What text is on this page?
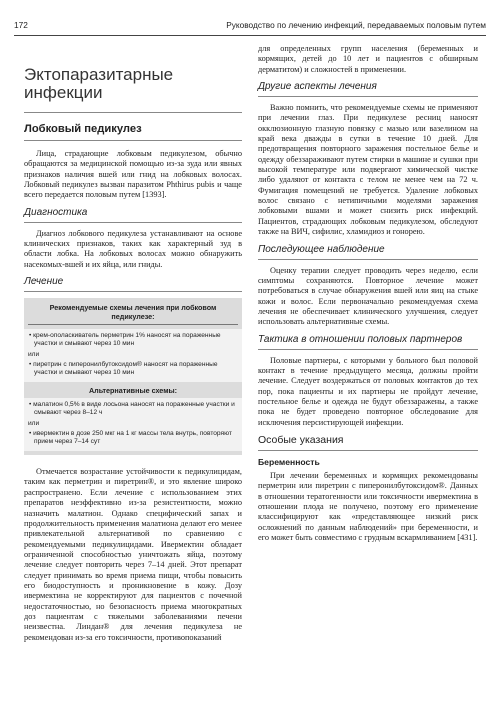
172	Руководство по лечению инфекций, передаваемых половым путем
Эктопаразитарные инфекции
Лобковый педикулез

Лица, страдающие лобковым педикулезом, обычно обращаются за медицинской помощью из-за зуда или явных признаков наличия вшей или гнид на лобковых волосах. Лобковый педикулез вызван паразитом Phthirus pubis и чаще всего передается половым путем [1393].

Диагностика

Диагноз лобкового педикулеза устанавливают на основе клинических признаков, таких как характерный зуд в области лобка. На лобковых волосах можно обнаружить насекомых-вшей и их яйца, или гниды.

Лечение
Рекомендуемые схемы лечения при лобковом педикулезе:
• крем-ополаскиватель перметрин 1% наносят на пораженные участки и смывают через 10 мин
или
• пиретрин с пиперонилбутоксидом® наносят на пораженные участки и смывают через 10 мин
Альтернативные схемы:
• малатион 0,5% в виде лосьона наносят на пораженные участки и смывают через 8–12 ч
или
• ивермектин в дозе 250 мкг на 1 кг массы тела внутрь, повторяют прием через 7–14 сут

Отмечается возрастание устойчивости к педикулицидам, таким как перметрин и пиретрин®, и это явление широко распространено. Если лечение с использованием этих препаратов неэффективно из-за резистентности, можно назначить малатион. Однако специфический запах и продолжительность применения малатиона делают его менее привлекательной альтернативой по сравнению с рекомендуемыми педикулицидами. Ивермектин обладает ограниченной способностью уничтожать яйца, поэтому лечение следует повторить через 7–14 дней. Этот препарат следует принимать во время приема пищи, чтобы повысить его биодоступность и проникновение в кожу. Дозу ивермектина не корректируют для пациентов с почечной недостаточностью, но безопасность приема многократных доз пациентам с тяжелыми заболеваниями печени неизвестна. Линдан® для лечения педикулеза не рекомендован из-за его токсичности, противопоказаний

для определенных групп населения (беременных и кормящих, детей до 10 лет и пациентов с обширным дерматитом) и сложностей в применении.

Другие аспекты лечения

Важно помнить, что рекомендуемые схемы не применяют при лечении глаз. При педикулезе ресниц наносят окклюзионную глазную повязку с мазью или вазелином на край века дважды в сутки в течение 10 дней. Для предотвращения повторного заражения постельное белье и одежду обеззараживают путем стирки в машине и сушки при высокой температуре или подвергают химической чистке либо удаляют от контакта с телом не менее чем на 72 ч. Фумигация помещений не требуется. Удаление лобковых волос связано с нетипичными моделями заражения лобковыми вшами и может снизить риск инфекций. Пациентов, страдающих лобковым педикулезом, обследуют также на ВИЧ, сифилис, хламидиоз и гонорею.

Последующее наблюдение

Оценку терапии следует проводить через неделю, если симптомы сохраняются. Повторное лечение может потребоваться в случае обнаружения вшей или яиц на стыке кожи и волос. Если первоначально рекомендуемая схема лечения не обеспечивает клинического улучшения, следует использовать альтернативные схемы.

Тактика в отношении половых партнеров

Половые партнеры, с которыми у больного был половой контакт в течение предыдущего месяца, должны пройти лечение. Следует воздержаться от половых контактов до тех пор, пока пациенты и их партнеры не пройдут лечение, постельное белье и одежда не будут обеззаражены, а также пока не будет проведено повторное обследование для исключения персистирующей инфекции.

Особые указания
Беременность

При лечении беременных и кормящих рекомендованы перметрин или пиретрин с пиперонилбутоксидом®. Данных в отношении тератогенности или токсичности ивермектина в отношении плода не получено, поэтому его применение классифицируют как «представляющее низкий риск осложнений по данным наблюдений» при беременности, и его может быть совместимо с грудным вскармливанием [431].
